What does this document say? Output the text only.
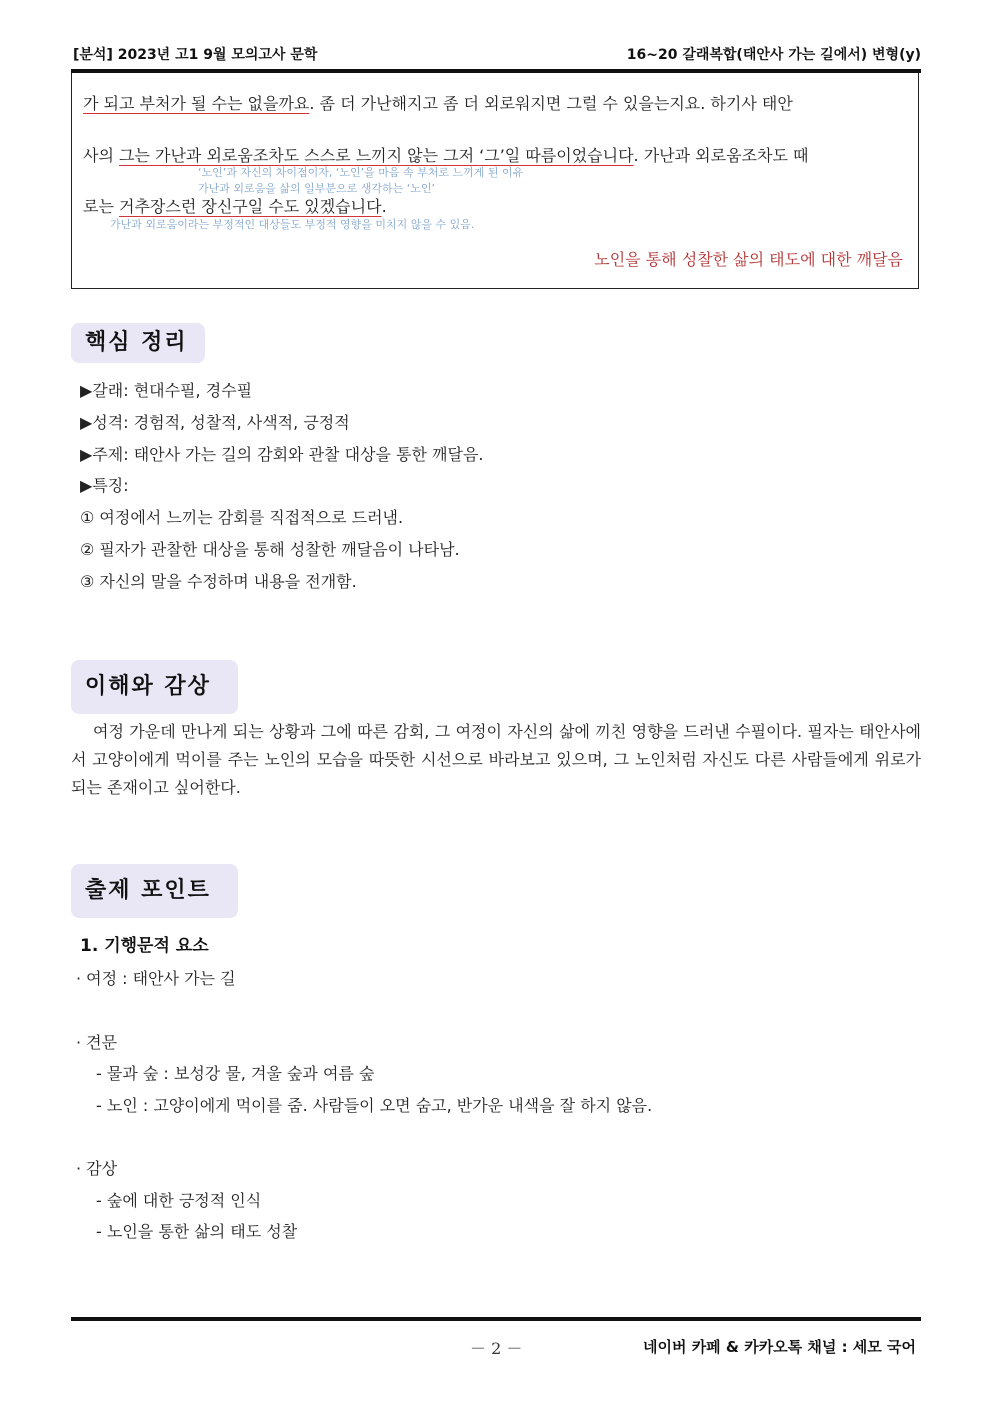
[분석] 2023년 고1 9월 모의고사 문학	16~20 갈래복합(태안사 가는 길에서) 변형(y)
가 되고 부처가 될 수는 없을까요. 좀 더 가난해지고 좀 더 외로워지면 그럴 수 있을는지요. 하기사 태안
사의 그는 가난과 외로움조차도 스스로 느끼지 않는 그저 ‘그’일 따름이었습니다. 가난과 외로움조차도 때
‘노인’과 자신의 차이점이자, ‘노인’을 마음 속 부처로 느끼게 된 이유
가난과 외로움을 삶의 일부분으로 생각하는 ‘노인’
로는 거추장스런 장신구일 수도 있겠습니다.
가난과 외로움이라는 부정적인 대상들도 부정적 영향을 미치지 않을 수 있음.
노인을 통해 성찰한 삶의 태도에 대한 깨달음
핵심 정리
▶갈래: 현대수필, 경수필
▶성격: 경험적, 성찰적, 사색적, 긍정적
▶주제: 태안사 가는 길의 감회와 관찰 대상을 통한 깨달음.
▶특징:
① 여정에서 느끼는 감회를 직접적으로 드러냄.
② 필자가 관찰한 대상을 통해 성찰한 깨달음이 나타남.
③ 자신의 말을 수정하며 내용을 전개함.
이해와 감상
여정 가운데 만나게 되는 상황과 그에 따른 감회, 그 여정이 자신의 삶에 끼친 영향을 드러낸 수필이다. 필자는 태안사에서 고양이에게 먹이를 주는 노인의 모습을 따뜻한 시선으로 바라보고 있으며, 그 노인처럼 자신도 다른 사람들에게 위로가 되는 존재이고 싶어한다.
출제 포인트
1. 기행문적 요소
· 여정 : 태안사 가는 길
· 견문
- 물과 숲 : 보성강 물, 겨울 숲과 여름 숲
- 노인 : 고양이에게 먹이를 줌. 사람들이 오면 숨고, 반가운 내색을 잘 하지 않음.
· 감상
- 숲에 대한 긍정적 인식
- 노인을 통한 삶의 태도 성찰
－ 2 －	네이버 카페 & 카카오톡 채널 : 세모 국어
